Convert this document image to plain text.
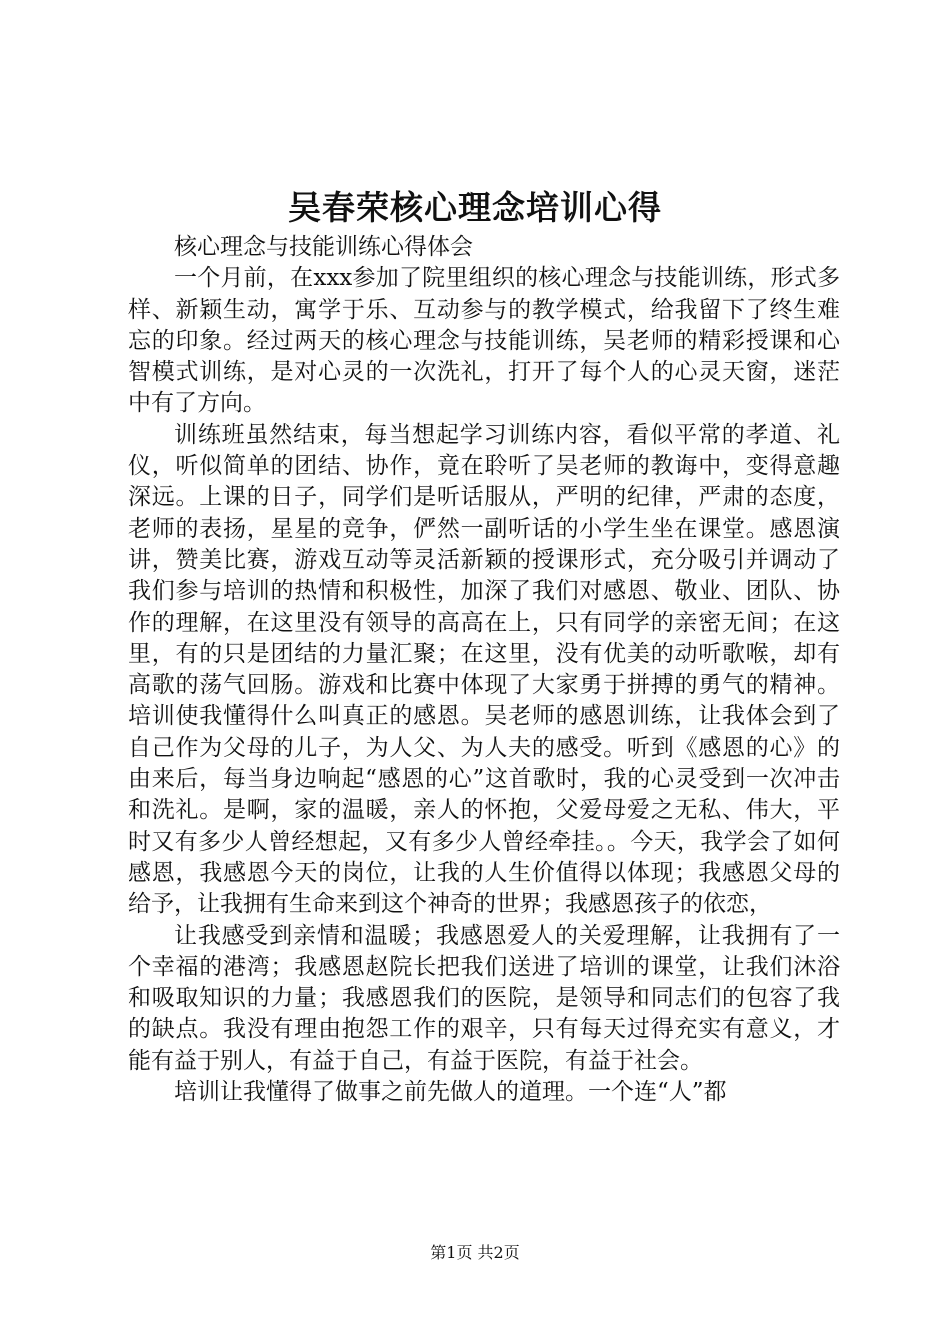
吴春荣核心理念培训心得

核心理念与技能训练心得体会

一个月前，在xxx参加了院里组织的核心理念与技能训练，形式多样、新颖生动，寓学于乐、互动参与的教学模式，给我留下了终生难忘的印象。经过两天的核心理念与技能训练，吴老师的精彩授课和心智模式训练，是对心灵的一次洗礼，打开了每个人的心灵天窗，迷茫中有了方向。

训练班虽然结束，每当想起学习训练内容，看似平常的孝道、礼仪，听似简单的团结、协作，竟在聆听了吴老师的教诲中，变得意趣深远。上课的日子，同学们是听话服从，严明的纪律，严肃的态度，老师的表扬，星星的竞争，俨然一副听话的小学生坐在课堂。感恩演讲，赞美比赛，游戏互动等灵活新颖的授课形式，充分吸引并调动了我们参与培训的热情和积极性，加深了我们对感恩、敬业、团队、协作的理解，在这里没有领导的高高在上，只有同学的亲密无间；在这里，有的只是团结的力量汇聚；在这里，没有优美的动听歌喉，却有高歌的荡气回肠。游戏和比赛中体现了大家勇于拼搏的勇气的精神。培训使我懂得什么叫真正的感恩。吴老师的感恩训练，让我体会到了自己作为父母的儿子，为人父、为人夫的感受。听到《感恩的心》的由来后，每当身边响起“感恩的心”这首歌时，我的心灵受到一次冲击和洗礼。是啊，家的温暖，亲人的怀抱，父爱母爱之无私、伟大，平时又有多少人曾经想起，又有多少人曾经牵挂。。今天，我学会了如何感恩，我感恩今天的岗位，让我的人生价值得以体现；我感恩父母的给予，让我拥有生命来到这个神奇的世界；我感恩孩子的依恋，

让我感受到亲情和温暖；我感恩爱人的关爱理解，让我拥有了一个幸福的港湾；我感恩赵院长把我们送进了培训的课堂，让我们沐浴和吸取知识的力量；我感恩我们的医院，是领导和同志们的包容了我的缺点。我没有理由抱怨工作的艰辛，只有每天过得充实有意义，才能有益于别人，有益于自己，有益于医院，有益于社会。

培训让我懂得了做事之前先做人的道理。一个连“人”都

第1页 共2页
